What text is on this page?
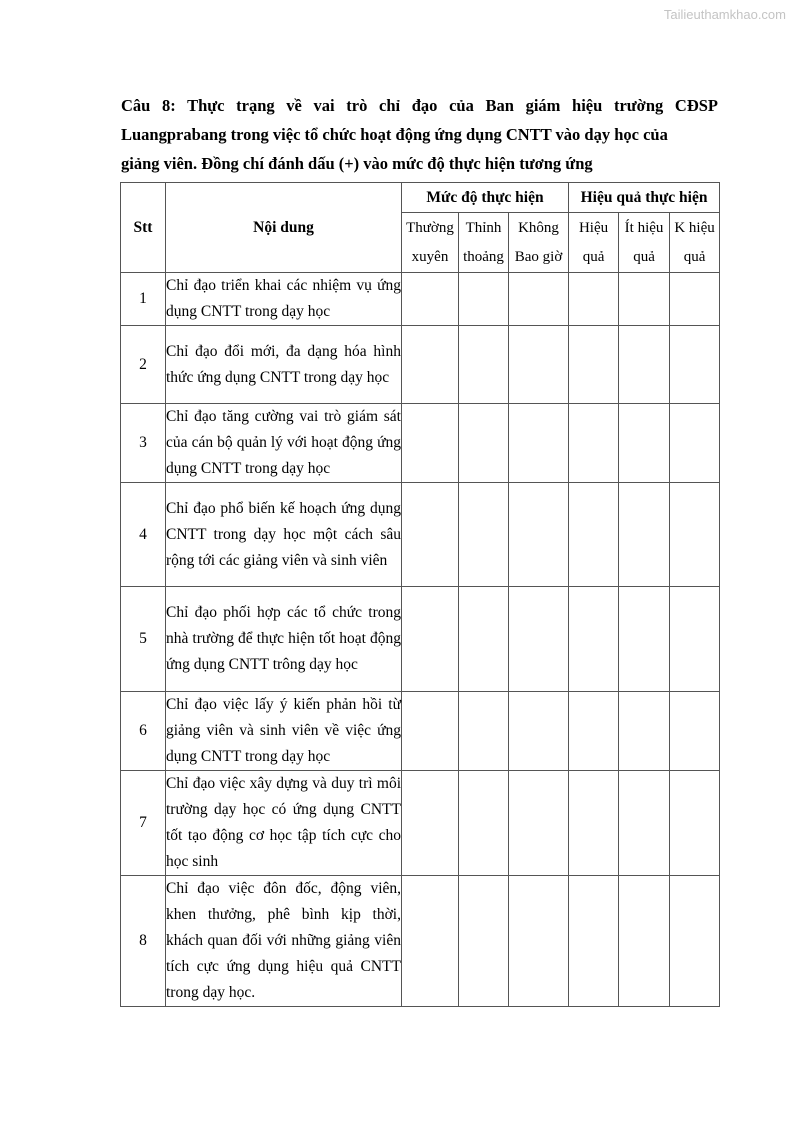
Tailieuthamkhao.com

Câu 8: Thực trạng về vai trò chỉ đạo của Ban giám hiệu trường CĐSP Luangprabang trong việc tổ chức hoạt động ứng dụng CNTT vào dạy học của
giảng viên. Đồng chí đánh dấu (+) vào mức độ thực hiện tương ứng

Stt	Nội dung	Mức độ thực hiện			Hiệu quả thực hiện		
		Thường xuyên	Thỉnh thoảng	Không Bao giờ	Hiệu quả	Ít hiệu quả	K hiệu quả
1	Chỉ đạo triển khai các nhiệm vụ ứng dụng CNTT trong dạy học						
2	Chỉ đạo đổi mới, đa dạng hóa hình thức ứng dụng CNTT trong dạy học						
3	Chỉ đạo tăng cường vai trò giám sát của cán bộ quản lý với hoạt động ứng dụng CNTT trong dạy học						
4	Chỉ đạo phổ biến kế hoạch ứng dụng CNTT trong dạy học một cách sâu rộng tới các giảng viên và sinh viên						
5	Chỉ đạo phối hợp các tổ chức trong nhà trường để thực hiện tốt hoạt động ứng dụng CNTT trông dạy học						
6	Chỉ đạo việc lấy ý kiến phản hồi từ giảng viên và sinh viên về việc ứng dụng CNTT trong dạy học						
7	Chỉ đạo việc xây dựng và duy trì môi trường dạy học có ứng dụng CNTT tốt tạo động cơ học tập tích cực cho học sinh						
8	Chỉ đạo việc đôn đốc, động viên, khen thưởng, phê bình kịp thời, khách quan đối với những giảng viên tích cực ứng dụng hiệu quả CNTT trong dạy học.						
